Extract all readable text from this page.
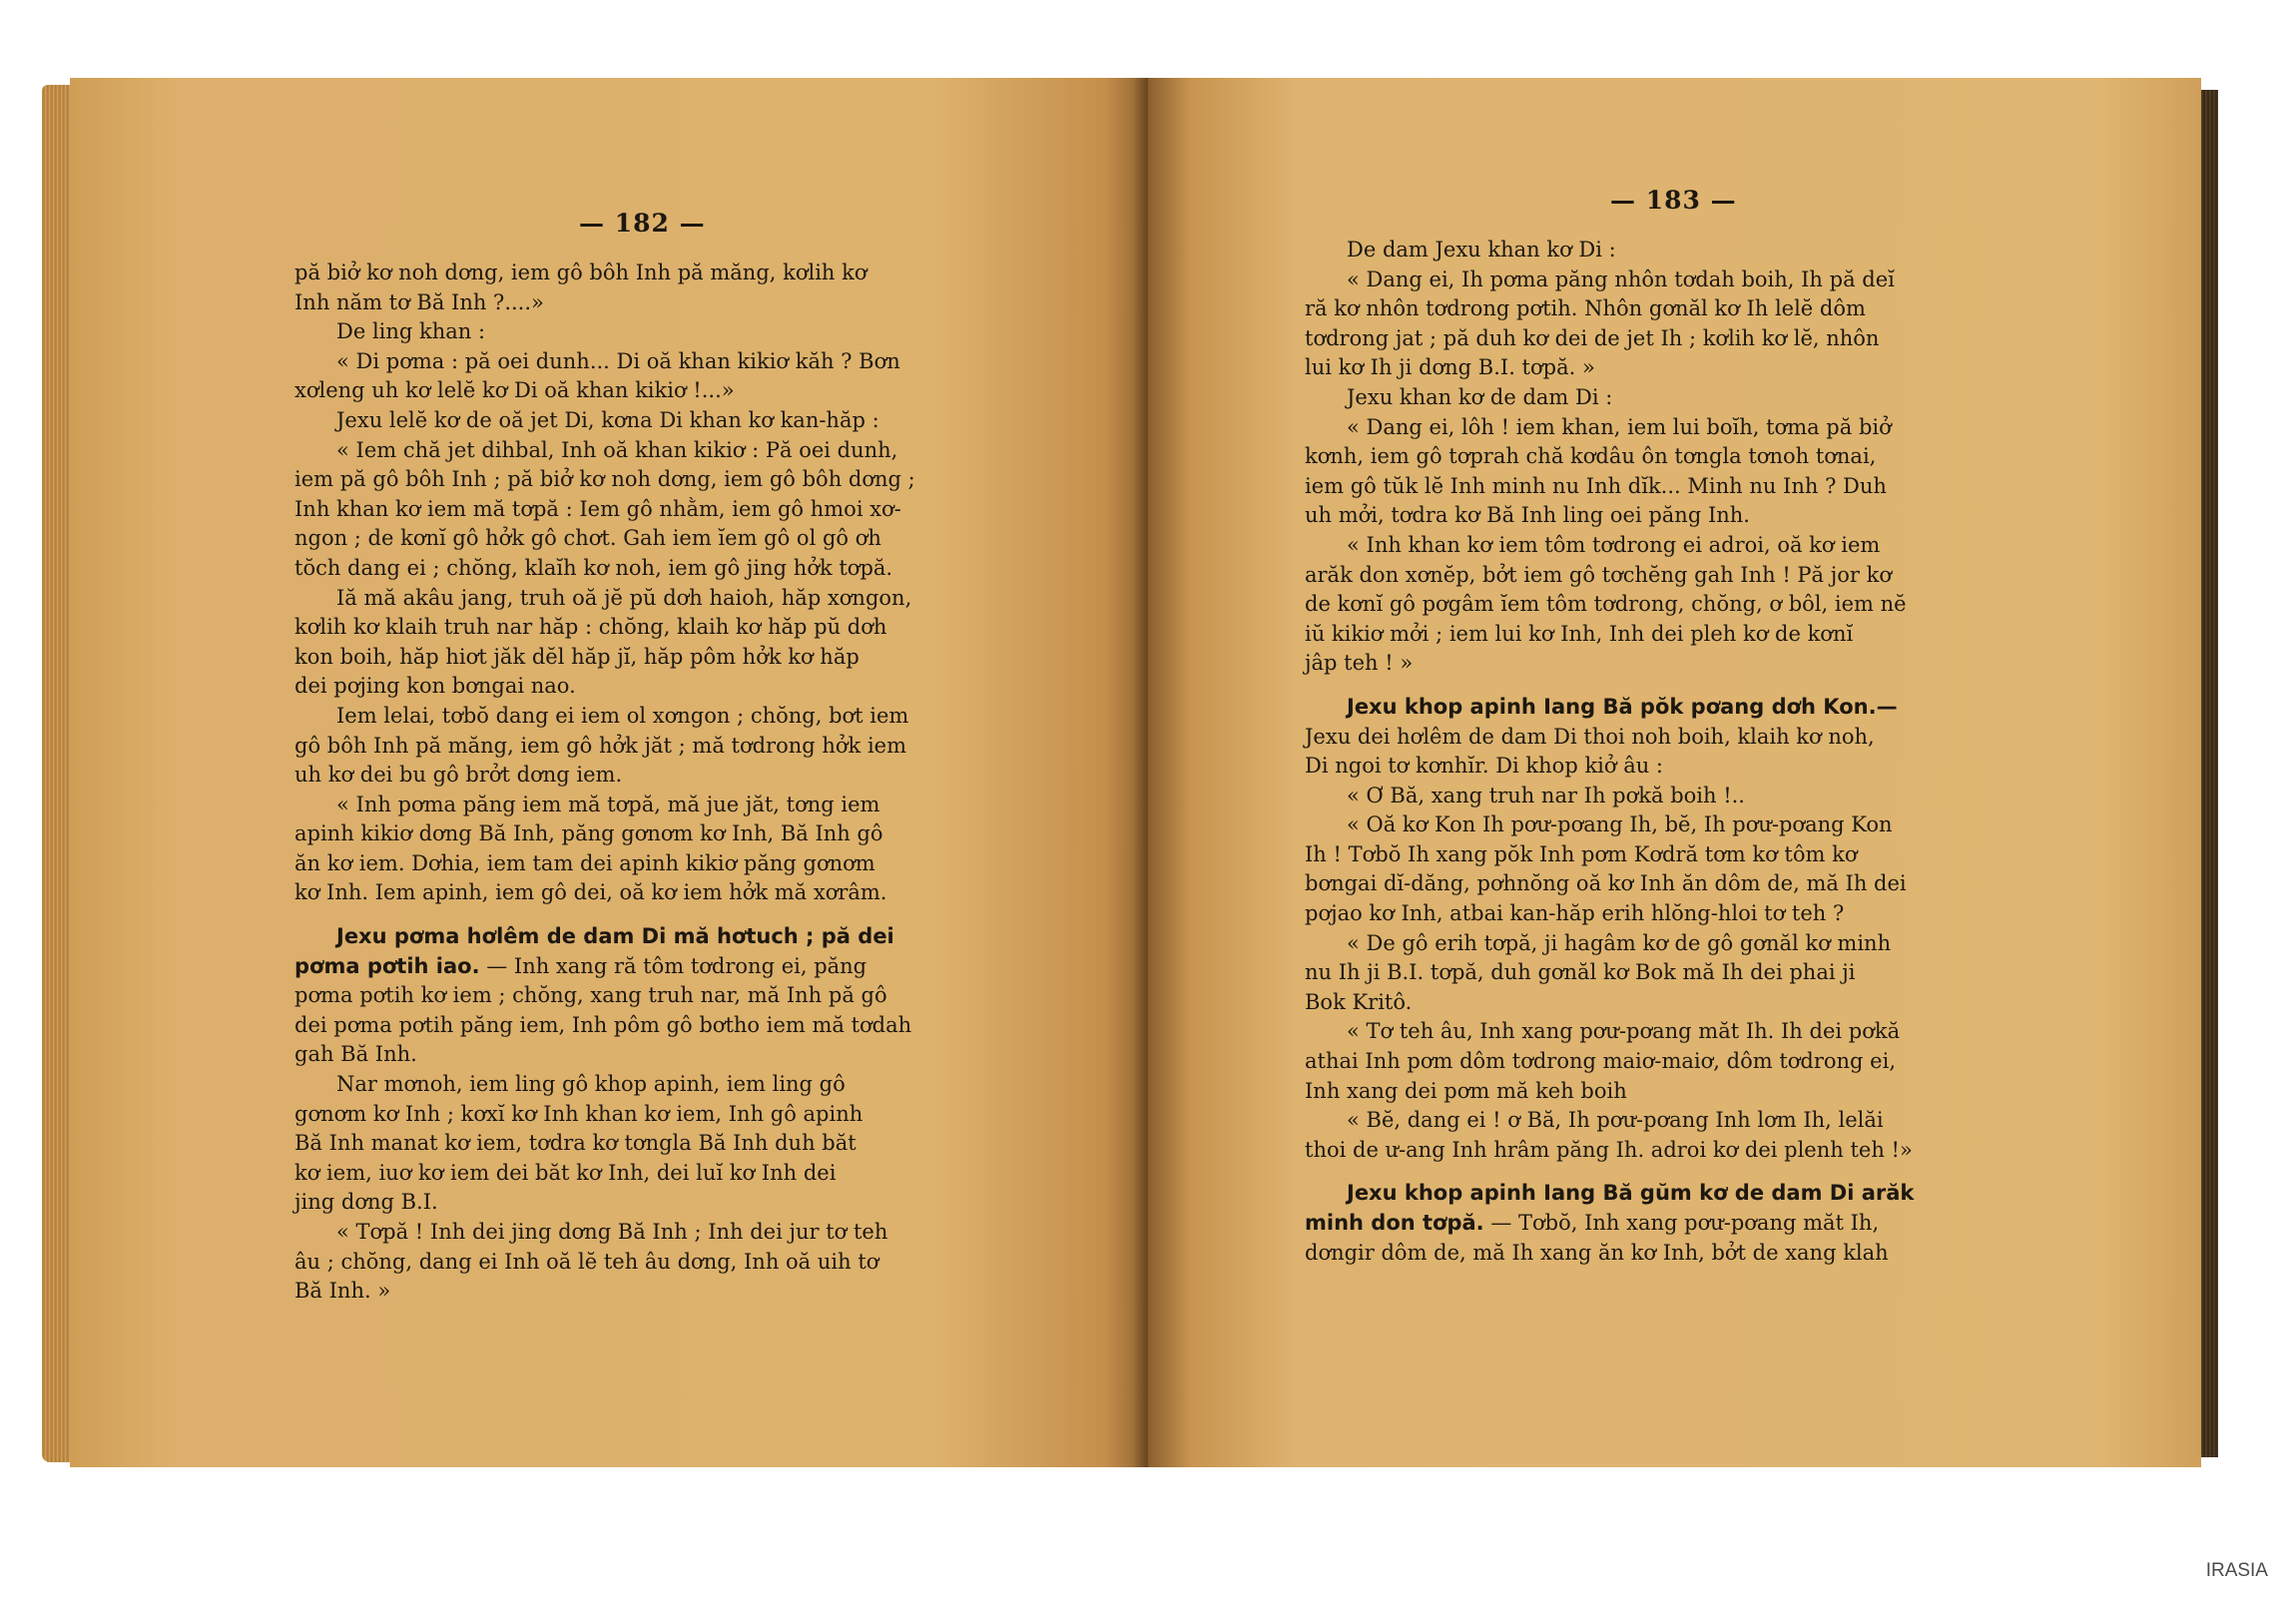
— 182 —
pă biở kơ noh dơng, iem gô bôh Inh pă măng, kơlih kơ
Inh năm tơ Bă Inh ?....»
De ling khan :
« Di pơma : pă oei dunh... Di oă khan kikiơ kăh ? Bơn
xơleng uh kơ lelĕ kơ Di oă khan kikiơ !...»
Jexu lelĕ kơ de oă jet Di, kơna Di khan kơ kan-hăp :
« Iem chă jet dihbal, Inh oă khan kikiơ : Pă oei dunh,
iem pă gô bôh Inh ; pă biở kơ noh dơng, iem gô bôh dơng ;
Inh khan kơ iem mă tơpă : Iem gô nhằm, iem gô hmoi xơ-
ngon ; de kơnĭ gô hởk gô chơt. Gah iem ĭem gô ol gô ơh
tŏch dang ei ; chŏng, klaĭh kơ noh, iem gô jing hởk tơpă.
Iă mă akâu jang, truh oă jĕ pŭ dơh haioh, hăp xơngon,
kơlih kơ klaih truh nar hăp : chŏng, klaih kơ hăp pŭ dơh
kon boih, hăp hiơt jăk dĕl hăp jĭ, hăp pôm hởk kơ hăp
dei pơjing kon bơngai nao.
Iem lelai, tơbŏ dang ei iem ol xơngon ; chŏng, bơt iem
gô bôh Inh pă măng, iem gô hởk jăt ; mă tơdrong hởk iem
uh kơ dei bu gô brởt dơng iem.
« Inh pơma păng iem mă tơpă, mă jue jăt, tơng iem
apinh kikiơ dơng Bă Inh, păng gơnơm kơ Inh, Bă Inh gô
ăn kơ iem. Dơhia, iem tam dei apinh kikiơ păng gơnơm
kơ Inh. Iem apinh, iem gô dei, oă kơ iem hởk mă xơrâm.
Jexu pơma hơlêm de dam Di mă hơtuch ; pă dei
pơma pơtih iao. — Inh xang ră tôm tơdrong ei, păng
pơma pơtih kơ iem ; chŏng, xang truh nar, mă Inh pă gô
dei pơma pơtih păng iem, Inh pôm gô bơtho iem mă tơdah
gah Bă Inh.
Nar mơnoh, iem ling gô khop apinh, iem ling gô
gơnơm kơ Inh ; kơxĭ kơ Inh khan kơ iem, Inh gô apinh
Bă Inh manat kơ iem, tơdra kơ tơngla Bă Inh duh băt
kơ iem, iuơ kơ iem dei băt kơ Inh, dei luĭ kơ Inh dei
jing dơng B.I.
« Tơpă ! Inh dei jing dơng Bă Inh ; Inh dei jur tơ teh
âu ; chŏng, dang ei Inh oă lĕ teh âu dơng, Inh oă uih tơ
Bă Inh. »
— 183 —
De dam Jexu khan kơ Di :
« Dang ei, Ih pơma păng nhôn tơdah boih, Ih pă deĭ
ră kơ nhôn tơdrong pơtih. Nhôn gơnăl kơ Ih lelĕ dôm
tơdrong jat ; pă duh kơ dei de jet Ih ; kơlih kơ lĕ, nhôn
lui kơ Ih ji dơng B.I. tơpă. »
Jexu khan kơ de dam Di :
« Dang ei, lôh ! iem khan, iem lui boĭh, tơma pă biở
kơnh, iem gô tơprah chă kơdâu ôn tơngla tơnoh tơnai,
iem gô tŭk lĕ Inh minh nu Inh dĭk... Minh nu Inh ? Duh
uh mởi, tơdra kơ Bă Inh ling oei păng Inh.
« Inh khan kơ iem tôm tơdrong ei adroi, oă kơ iem
arăk don xơnĕp, bởt iem gô tơchĕng gah Inh ! Pă jor kơ
de kơnĭ gô pơgâm ĭem tôm tơdrong, chŏng, ơ bôl, iem nĕ
iŭ kikiơ mởi ; iem lui kơ Inh, Inh dei pleh kơ de kơnĭ
jâp teh ! »
Jexu khop apinh Iang Bă pŏk pơang dơh Kon.—
Jexu dei hơlêm de dam Di thoi noh boih, klaih kơ noh,
Di ngoi tơ kơnhĭr. Di khop kiở âu :
« Ơ Bă, xang truh nar Ih pơkă boih !..
« Oă kơ Kon Ih pơư-pơang Ih, bĕ, Ih pơư-pơang Kon
Ih ! Tơbŏ Ih xang pŏk Inh pơm Kơdră tơm kơ tôm kơ
bơngai dĭ-dăng, pơhnŏng oă kơ Inh ăn dôm de, mă Ih dei
pơjao kơ Inh, atbai kan-hăp erih hlŏng-hloi tơ teh ?
« De gô erih tơpă, ji hagâm kơ de gô gơnăl kơ minh
nu Ih ji B.I. tơpă, duh gơnăl kơ Bok mă Ih dei phai ji
Bok Kritô.
« Tơ teh âu, Inh xang pơư-pơang măt Ih. Ih dei pơkă
athai Inh pơm dôm tơdrong maiơ-maiơ, dôm tơdrong ei,
Inh xang dei pơm mă keh boih
« Bĕ, dang ei ! ơ Bă, Ih pơư-pơang Inh lơm Ih, lelăi
thoi de ư-ang Inh hrâm păng Ih. adroi kơ dei plenh teh !»
Jexu khop apinh Iang Bă gŭm kơ de dam Di arăk
minh don tơpă. — Tơbŏ, Inh xang pơư-pơang măt Ih,
dơngir dôm de, mă Ih xang ăn kơ Inh, bởt de xang klah
IRASIA
